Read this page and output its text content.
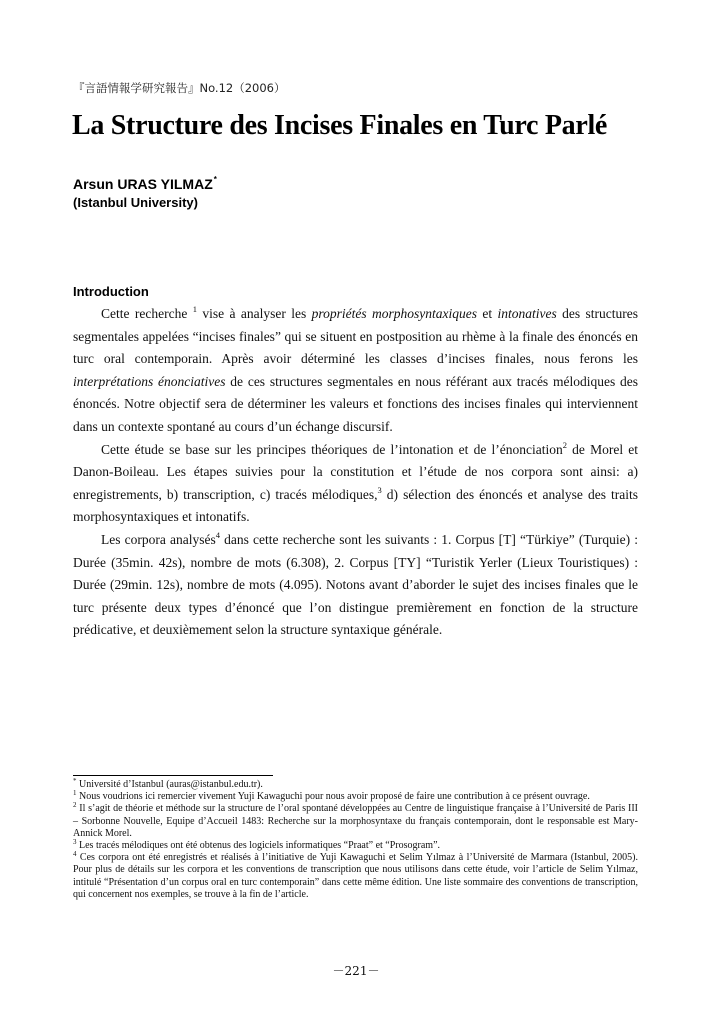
『言語情報学研究報告』No.12（2006）
La Structure des Incises Finales en Turc Parlé
Arsun URAS YILMAZ*
(Istanbul University)
Introduction

Cette recherche $^1$ vise à analyser les propriétés morphosyntaxiques et intonatives des structures segmentales appelées “incises finales” qui se situent en postposition au rhème à la finale des énoncés en turc oral contemporain. Après avoir déterminé les classes d’incises finales, nous ferons les interprétations énonciatives de ces structures segmentales en nous référant aux tracés mélodiques des énoncés. Notre objectif sera de déterminer les valeurs et fonctions des incises finales qui interviennent dans un contexte spontané au cours d’un échange discursif.

Cette étude se base sur les principes théoriques de l’intonation et de l’énonciation$^2$ de Morel et Danon-Boileau. Les étapes suivies pour la constitution et l’étude de nos corpora sont ainsi: a) enregistrements, b) transcription, c) tracés mélodiques,$^3$ d) sélection des énoncés et analyse des traits morphosyntaxiques et intonatifs.

Les corpora analysés$^4$ dans cette recherche sont les suivants : 1. Corpus [T] “Türkiye” (Turquie) : Durée (35min. 42s), nombre de mots (6.308), 2. Corpus [TY] “Turistik Yerler (Lieux Touristiques) : Durée (29min. 12s), nombre de mots (4.095). Notons avant d’aborder le sujet des incises finales que le turc présente deux types d’énoncé que l’on distingue premièrement en fonction de la structure prédicative, et deuxièmement selon la structure syntaxique générale.

* Université d’Istanbul (auras@istanbul.edu.tr).

$^1$ Nous voudrions ici remercier vivement Yuji Kawaguchi pour nous avoir proposé de faire une contribution à ce présent ouvrage.

$^2$ Il s’agit de théorie et méthode sur la structure de l’oral spontané développées au Centre de linguistique française à l’Université de Paris III – Sorbonne Nouvelle, Equipe d’Accueil 1483: Recherche sur la morphosyntaxe du français contemporain, dont le responsable est Mary-Annick Morel.

$^3$ Les tracés mélodiques ont été obtenus des logiciels informatiques “Praat” et “Prosogram”.

$^4$ Ces corpora ont été enregistrés et réalisés à l’initiative de Yuji Kawaguchi et Selim Yılmaz à l’Université de Marmara (Istanbul, 2005). Pour plus de détails sur les corpora et les conventions de transcription que nous utilisons dans cette étude, voir l’article de Selim Yılmaz, intitulé “Présentation d’un corpus oral en turc contemporain” dans cette même édition. Une liste sommaire des conventions de transcription, qui concernent nos exemples, se trouve à la fin de l’article.

－221－
